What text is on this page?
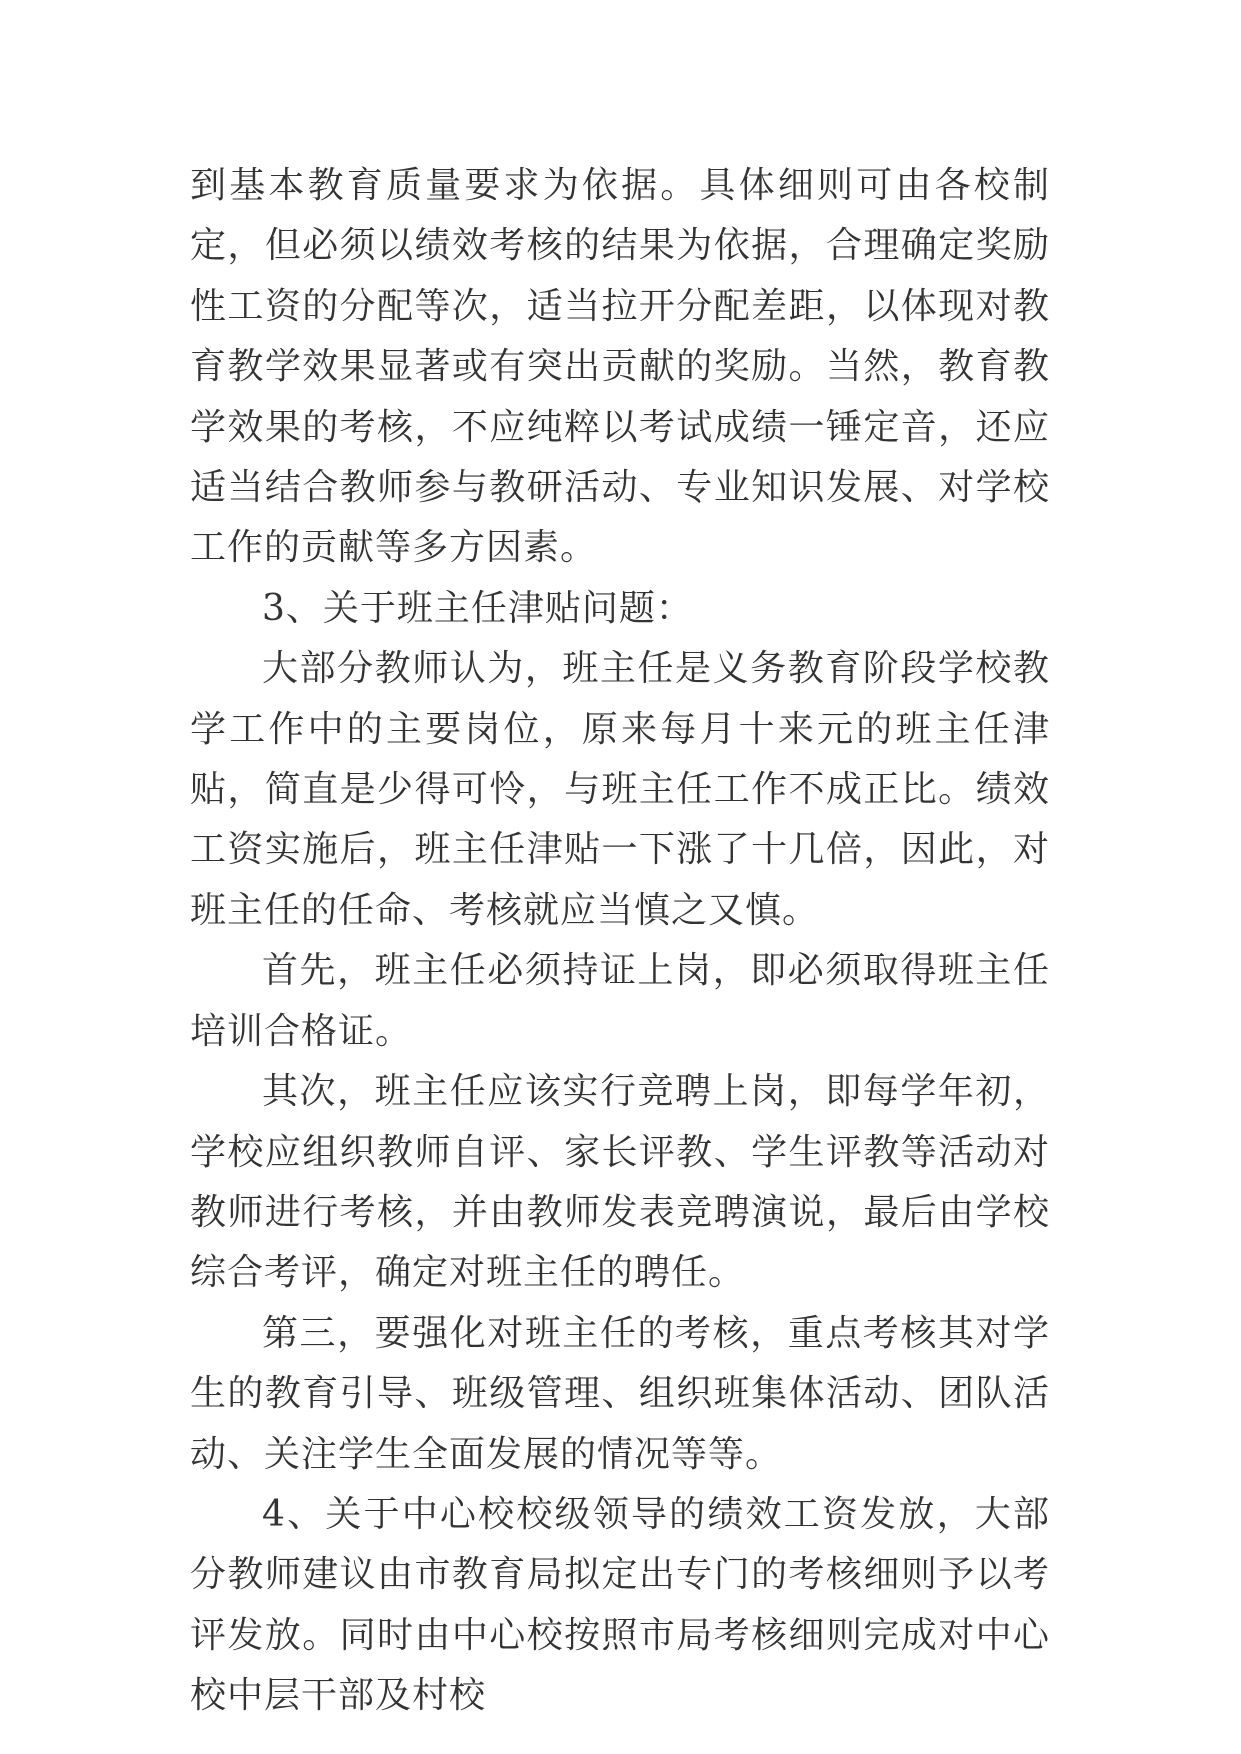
到基本教育质量要求为依据。具体细则可由各校制定，但必须以绩效考核的结果为依据，合理确定奖励性工资的分配等次，适当拉开分配差距，以体现对教育教学效果显著或有突出贡献的奖励。当然，教育教学效果的考核，不应纯粹以考试成绩一锤定音，还应适当结合教师参与教研活动、专业知识发展、对学校工作的贡献等多方因素。

3、关于班主任津贴问题：

大部分教师认为，班主任是义务教育阶段学校教学工作中的主要岗位，原来每月十来元的班主任津贴，简直是少得可怜，与班主任工作不成正比。绩效工资实施后，班主任津贴一下涨了十几倍，因此，对班主任的任命、考核就应当慎之又慎。

首先，班主任必须持证上岗，即必须取得班主任培训合格证。

其次，班主任应该实行竞聘上岗，即每学年初，学校应组织教师自评、家长评教、学生评教等活动对教师进行考核，并由教师发表竞聘演说，最后由学校综合考评，确定对班主任的聘任。

第三，要强化对班主任的考核，重点考核其对学生的教育引导、班级管理、组织班集体活动、团队活动、关注学生全面发展的情况等等。

4、关于中心校校级领导的绩效工资发放，大部分教师建议由市教育局拟定出专门的考核细则予以考评发放。同时由中心校按照市局考核细则完成对中心校中层干部及村校
